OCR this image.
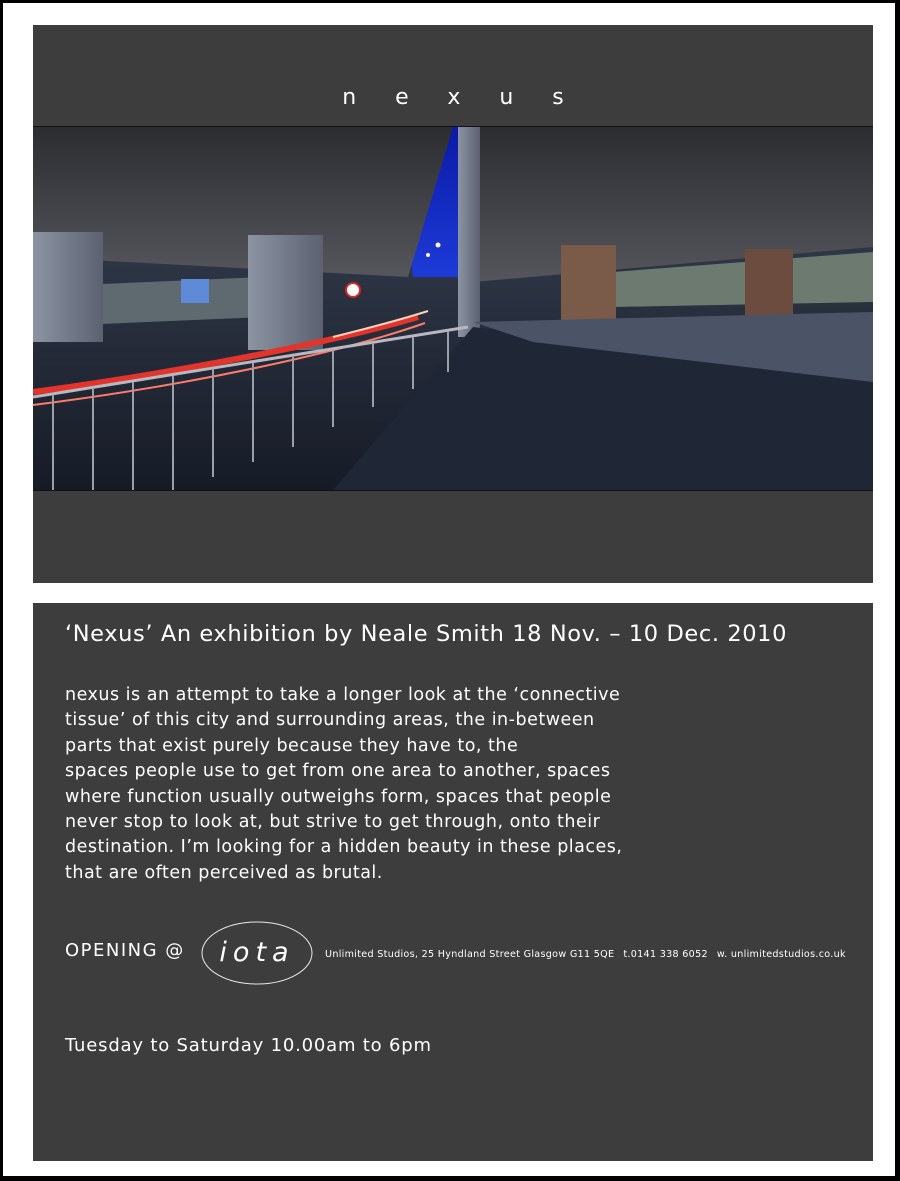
nexus
‘Nexus’ An exhibition by Neale Smith 18 Nov. – 10 Dec. 2010

nexus is an attempt to take a longer look at the ‘connective
tissue’ of this city and surrounding areas, the in-between
parts that exist purely because they have to, the
spaces people use to get from one area to another, spaces
where function usually outweighs form, spaces that people
never stop to look at, but strive to get through, onto their
destination. I’m looking for a hidden beauty in these places,
that are often perceived as brutal.

OPENING @	iota	Unlimited Studios, 25 Hyndland Street Glasgow G11 5QE t.0141 338 6052 w. unlimitedstudios.co.uk
Tuesday to Saturday 10.00am to 6pm
